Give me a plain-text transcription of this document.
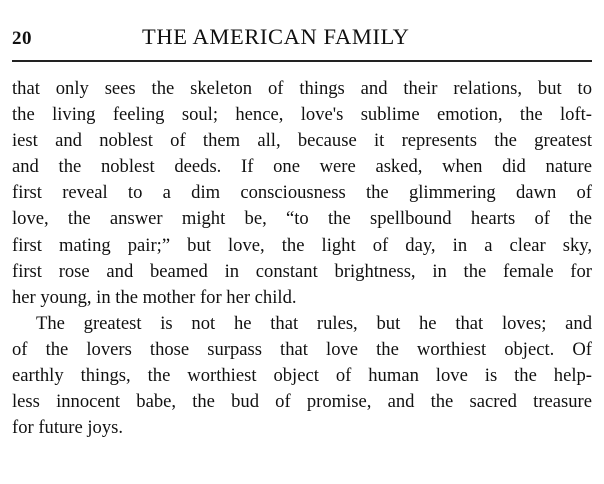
20	THE AMERICAN FAMILY
that only sees the skeleton of things and their relations, but to
the living feeling soul; hence, love's sublime emotion, the loft-
iest and noblest of them all, because it represents the greatest
and the noblest deeds. If one were asked, when did nature
first reveal to a dim consciousness the glimmering dawn of
love, the answer might be, “to the spellbound hearts of the
first mating pair;” but love, the light of day, in a clear sky,
first rose and beamed in constant brightness, in the female for
her young, in the mother for her child.
The greatest is not he that rules, but he that loves; and
of the lovers those surpass that love the worthiest object. Of
earthly things, the worthiest object of human love is the help-
less innocent babe, the bud of promise, and the sacred treasure
for future joys.
